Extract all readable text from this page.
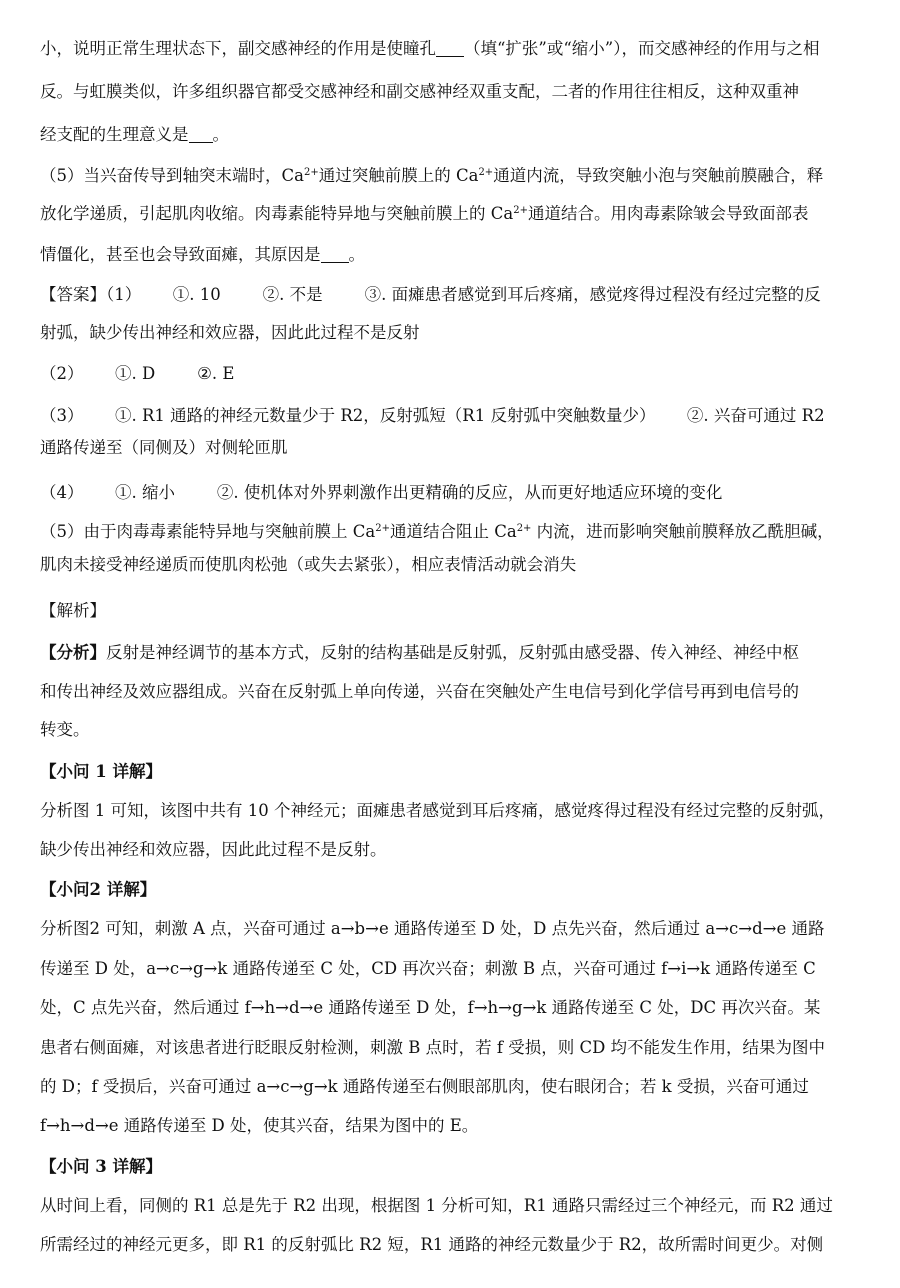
小，说明正常生理状态下，副交感神经的作用是使瞳孔 （填“扩张”或“缩小”），而交感神经的作用与之相
反。与虹膜类似，许多组织器官都受交感神经和副交感神经双重支配，二者的作用往往相反，这种双重神
经支配的生理意义是 。
（5）当兴奋传导到轴突末端时，$Ca^{2+}$通过突触前膜上的 $Ca^{2+}$通道内流，导致突触小泡与突触前膜融合，释
放化学递质，引起肌肉收缩。肉毒素能特异地与突触前膜上的 $Ca^{2+}$通道结合。用肉毒素除皱会导致面部表
情僵化，甚至也会导致面瘫，其原因是 。
【答案】（1）      ①. 10        ②. 不是        ③. 面瘫患者感觉到耳后疼痛，感觉疼得过程没有经过完整的反
射弧，缺少传出神经和效应器，因此此过程不是反射
（2）      ①. D        ②. E
（3）      ①. R1 通路的神经元数量少于 R2，反射弧短（R1 反射弧中突触数量少）      ②. 兴奋可通过 R2
通路传递至（同侧及）对侧轮匝肌
（4）      ①. 缩小        ②. 使机体对外界刺激作出更精确的反应，从而更好地适应环境的变化
（5）由于肉毒毒素能特异地与突触前膜上 $Ca^{2+}$通道结合阻止 $Ca^{2+}$ 内流，进而影响突触前膜释放乙酰胆碱，
肌肉未接受神经递质而使肌肉松弛（或失去紧张），相应表情活动就会消失
【解析】
【分析】反射是神经调节的基本方式，反射的结构基础是反射弧，反射弧由感受器、传入神经、神经中枢
和传出神经及效应器组成。兴奋在反射弧上单向传递，兴奋在突触处产生电信号到化学信号再到电信号的
转变。
【小问 1 详解】
分析图 1 可知，该图中共有 10 个神经元；面瘫患者感觉到耳后疼痛，感觉疼得过程没有经过完整的反射弧，
缺少传出神经和效应器，因此此过程不是反射。
【小问2 详解】
分析图2 可知，刺激 A 点，兴奋可通过 a→b→e 通路传递至 D 处，D 点先兴奋，然后通过 a→c→d→e 通路
传递至 D 处，a→c→g→k 通路传递至 C 处，CD 再次兴奋；刺激 B 点，兴奋可通过 f→i→k 通路传递至 C
处，C 点先兴奋，然后通过 f→h→d→e 通路传递至 D 处，f→h→g→k 通路传递至 C 处，DC 再次兴奋。某
患者右侧面瘫，对该患者进行眨眼反射检测，刺激 B 点时，若 f 受损，则 CD 均不能发生作用，结果为图中
的 D；f 受损后，兴奋可通过 a→c→g→k 通路传递至右侧眼部肌肉，使右眼闭合；若 k 受损，兴奋可通过
f→h→d→e 通路传递至 D 处，使其兴奋，结果为图中的 E。
【小问 3 详解】
从时间上看，同侧的 R1 总是先于 R2 出现，根据图 1 分析可知，R1 通路只需经过三个神经元，而 R2 通过
所需经过的神经元更多，即 R1 的反射弧比 R2 短，R1 通路的神经元数量少于 R2，故所需时间更少。对侧
